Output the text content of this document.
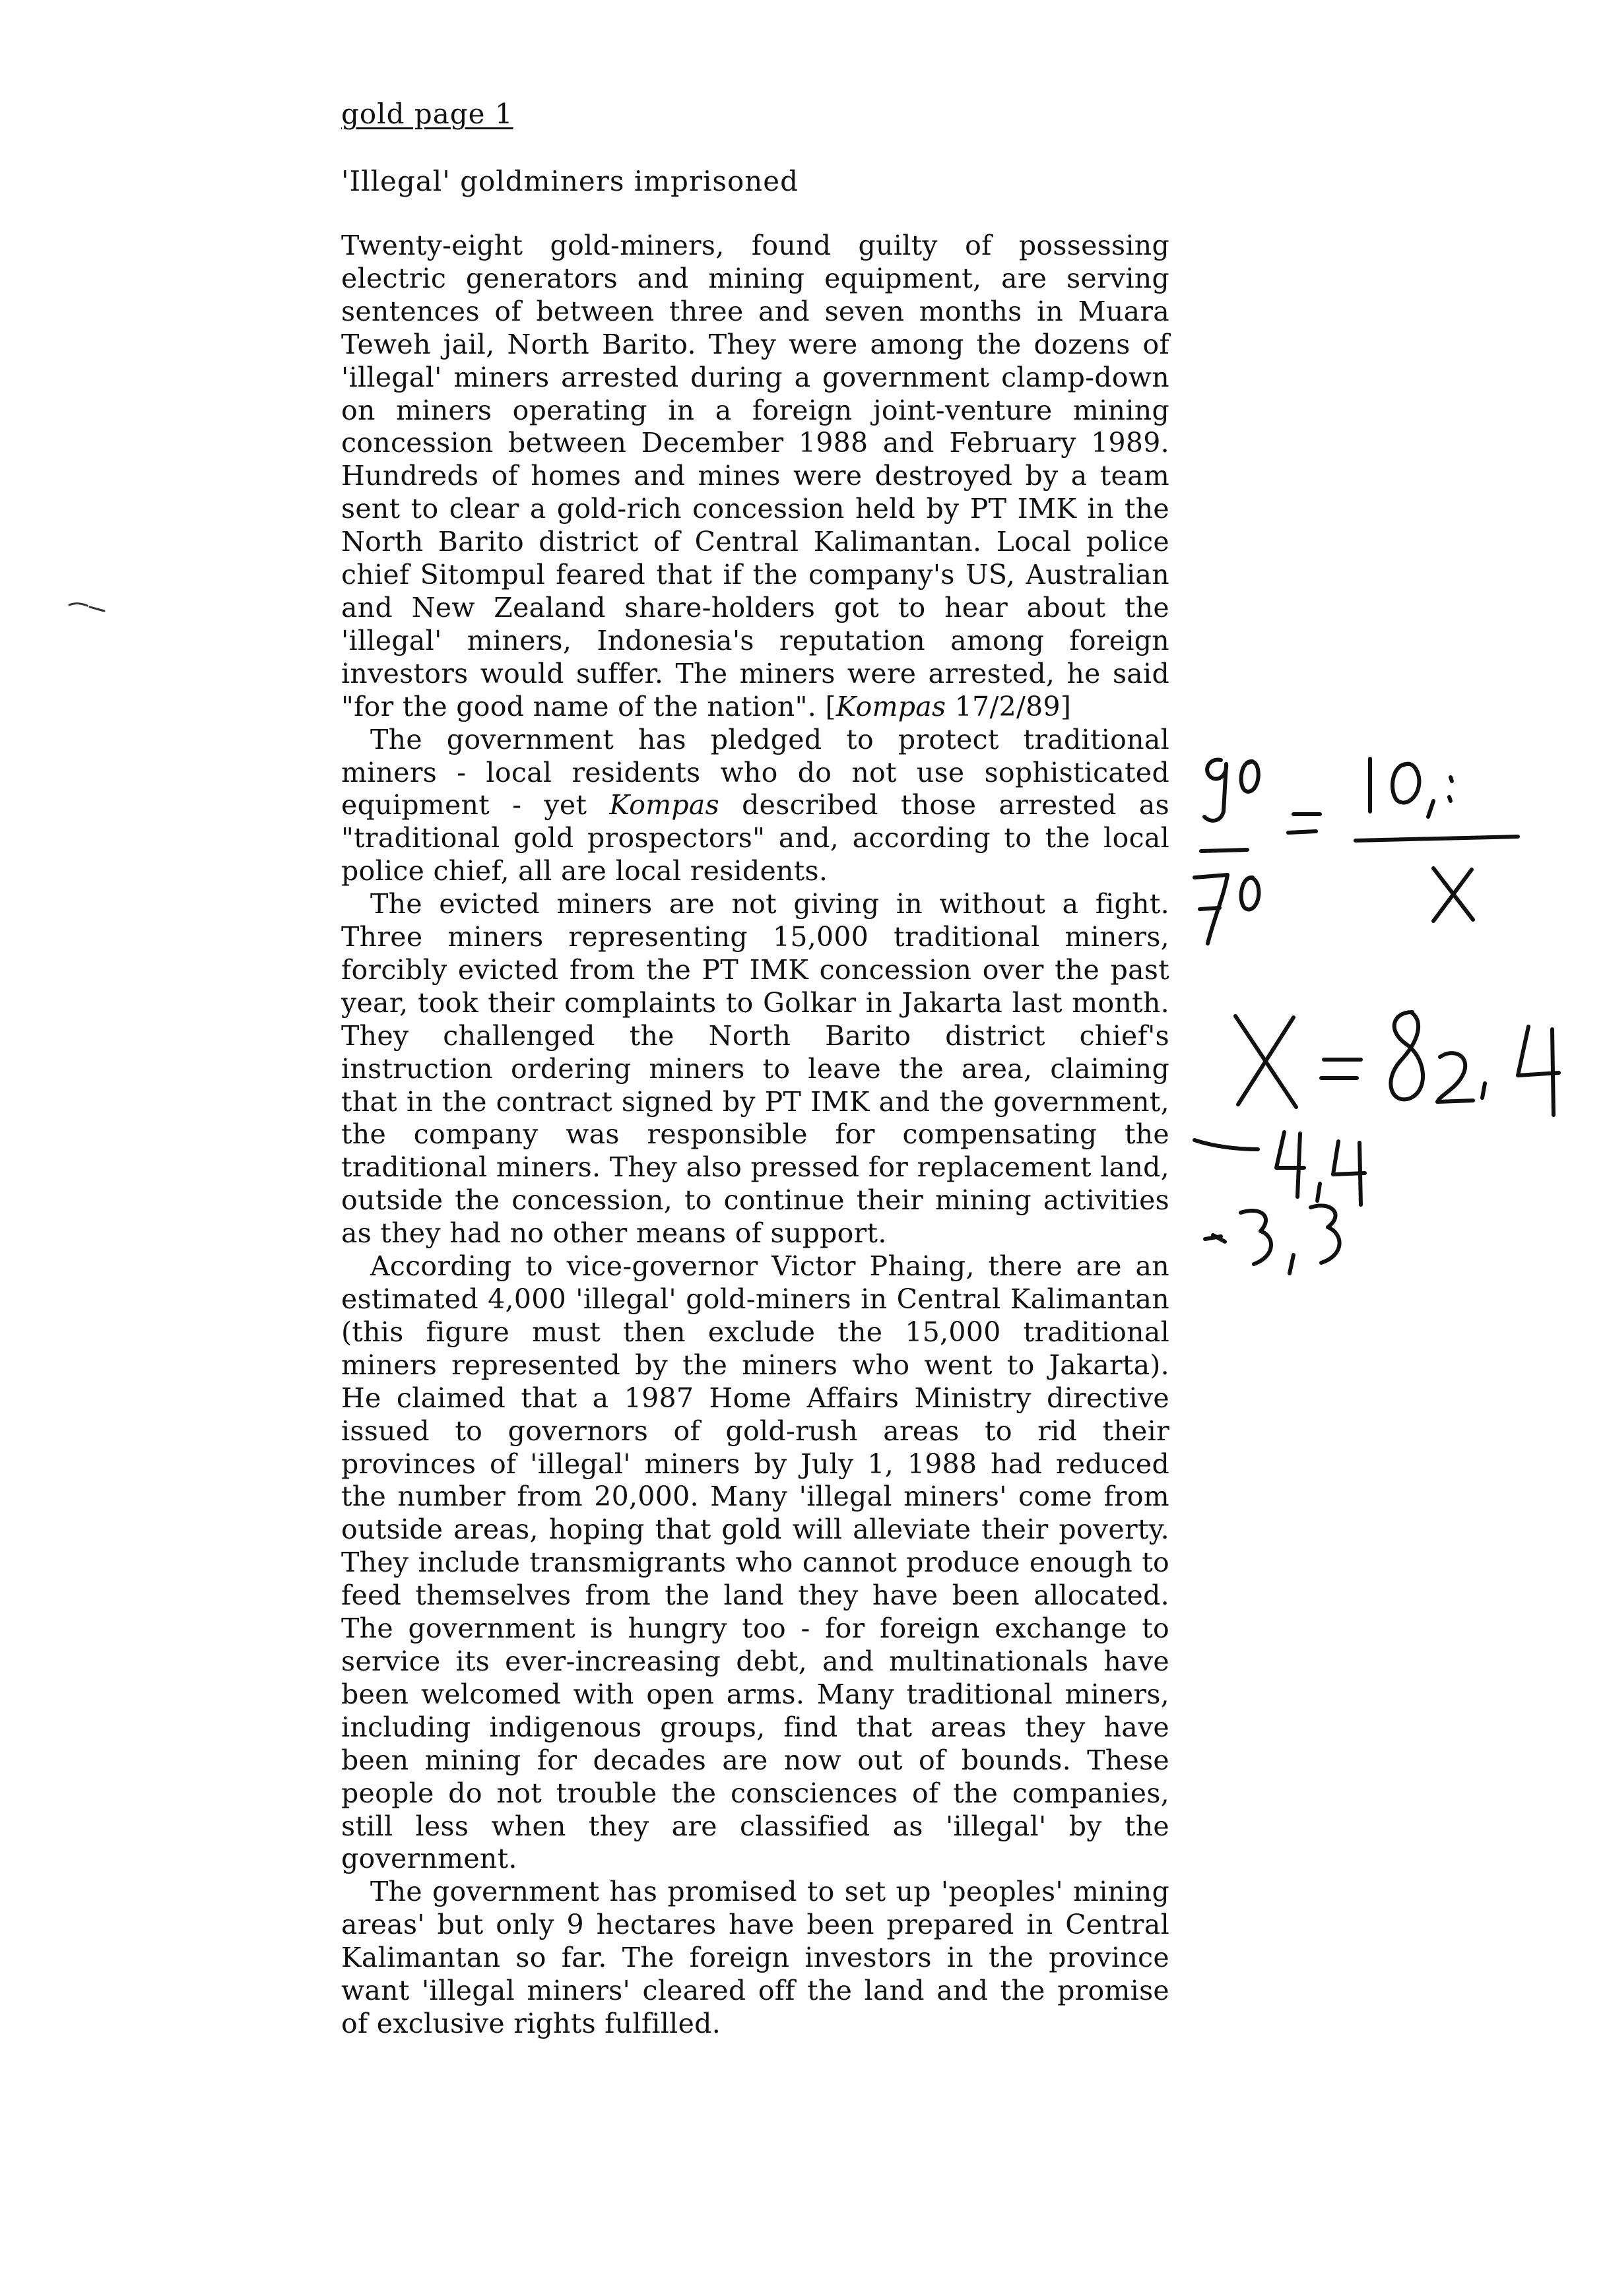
gold page 1
'Illegal' goldminers imprisoned

Twenty-eight gold-miners, found guilty of possessing electric generators and mining equipment, are serving sentences of between three and seven months in Muara Teweh jail, North Barito. They were among the dozens of 'illegal' miners arrested during a government clamp-down on miners operating in a foreign joint-venture mining concession between December 1988 and February 1989. Hundreds of homes and mines were destroyed by a team sent to clear a gold-rich concession held by PT IMK in the North Barito district of Central Kalimantan. Local police chief Sitompul feared that if the company's US, Australian and New Zealand share-holders got to hear about the 'illegal' miners, Indonesia's reputation among foreign investors would suffer. The miners were arrested, he said "for the good name of the nation". [Kompas 17/2/89]

The government has pledged to protect traditional miners - local residents who do not use sophisticated equipment - yet Kompas described those arrested as "traditional gold prospectors" and, according to the local police chief, all are local residents.

The evicted miners are not giving in without a fight. Three miners representing 15,000 traditional miners, forcibly evicted from the PT IMK concession over the past year, took their complaints to Golkar in Jakarta last month. They challenged the North Barito district chief's instruction ordering miners to leave the area, claiming that in the contract signed by PT IMK and the government, the company was responsible for compensating the traditional miners. They also pressed for replacement land, outside the concession, to continue their mining activities as they had no other means of support.

According to vice-governor Victor Phaing, there are an estimated 4,000 'illegal' gold-miners in Central Kalimantan (this figure must then exclude the 15,000 traditional miners represented by the miners who went to Jakarta). He claimed that a 1987 Home Affairs Ministry directive issued to governors of gold-rush areas to rid their provinces of 'illegal' miners by July 1, 1988 had reduced the number from 20,000. Many 'illegal miners' come from outside areas, hoping that gold will alleviate their poverty. They include transmigrants who cannot produce enough to feed themselves from the land they have been allocated. The government is hungry too - for foreign exchange to service its ever-increasing debt, and multinationals have been welcomed with open arms. Many traditional miners, including indigenous groups, find that areas they have been mining for decades are now out of bounds. These people do not trouble the consciences of the companies, still less when they are classified as 'illegal' by the government.

The government has promised to set up 'peoples' mining areas' but only 9 hectares have been prepared in Central Kalimantan so far. The foreign investors in the province want 'illegal miners' cleared off the land and the promise of exclusive rights fulfilled.
